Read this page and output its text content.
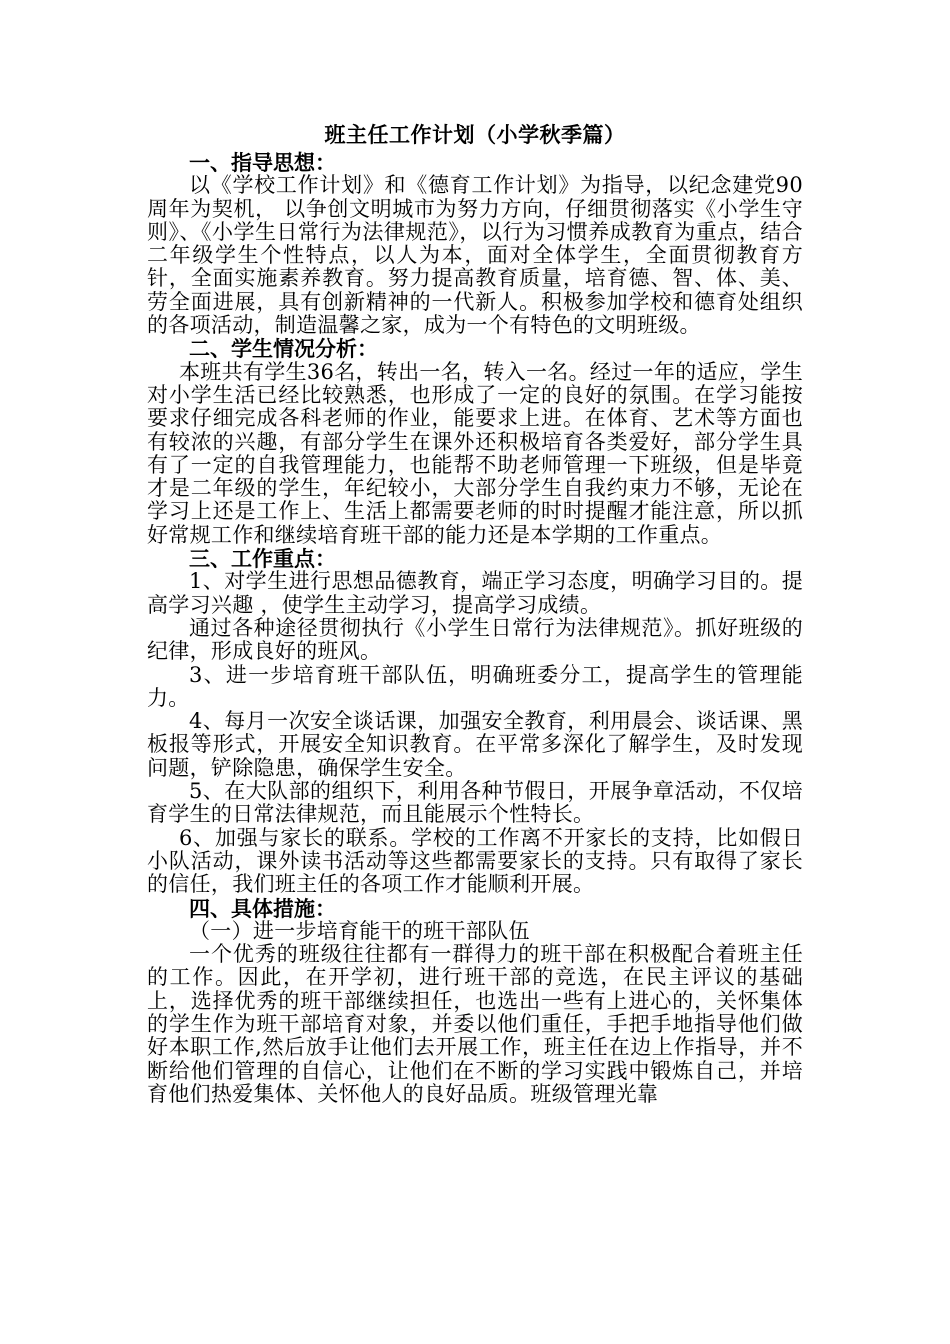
班主任工作计划（小学秋季篇）

一、指导思想：

以《学校工作计划》和《德育工作计划》为指导，以纪念建党90周年为契机， 以争创文明城市为努力方向，仔细贯彻落实《小学生守则》、《小学生日常行为法律规范》，以行为习惯养成教育为重点，结合二年级学生个性特点，以人为本，面对全体学生，全面贯彻教育方针，全面实施素养教育。努力提高教育质量，培育德、智、体、美、劳全面进展，具有创新精神的一代新人。积极参加学校和德育处组织的各项活动，制造温馨之家，成为一个有特色的文明班级。

二、学生情况分析：

本班共有学生36名，转出一名，转入一名。经过一年的适应，学生对小学生活已经比较熟悉，也形成了一定的良好的氛围。在学习能按要求仔细完成各科老师的作业，能要求上进。在体育、艺术等方面也有较浓的兴趣，有部分学生在课外还积极培育各类爱好，部分学生具有了一定的自我管理能力，也能帮不助老师管理一下班级，但是毕竟才是二年级的学生，年纪较小，大部分学生自我约束力不够，无论在学习上还是工作上、生活上都需要老师的时时提醒才能注意，所以抓好常规工作和继续培育班干部的能力还是本学期的工作重点。

三、工作重点：

1、对学生进行思想品德教育，端正学习态度，明确学习目的。提高学习兴趣 ，使学生主动学习，提高学习成绩。

通过各种途径贯彻执行《小学生日常行为法律规范》。抓好班级的纪律，形成良好的班风。

3、进一步培育班干部队伍，明确班委分工，提高学生的管理能力。

4、每月一次安全谈话课，加强安全教育，利用晨会、谈话课、黑板报等形式，开展安全知识教育。在平常多深化了解学生，及时发现问题，铲除隐患，确保学生安全。

5、在大队部的组织下，利用各种节假日，开展争章活动，不仅培育学生的日常法律规范，而且能展示个性特长。

6、加强与家长的联系。学校的工作离不开家长的支持，比如假日小队活动，课外读书活动等这些都需要家长的支持。只有取得了家长的信任，我们班主任的各项工作才能顺利开展。

四、具体措施：

（一）进一步培育能干的班干部队伍

一个优秀的班级往往都有一群得力的班干部在积极配合着班主任的工作。因此，在开学初，进行班干部的竞选，在民主评议的基础上，选择优秀的班干部继续担任，也选出一些有上进心的，关怀集体的学生作为班干部培育对象，并委以他们重任，手把手地指导他们做好本职工作,然后放手让他们去开展工作，班主任在边上作指导，并不断给他们管理的自信心，让他们在不断的学习实践中锻炼自己，并培育他们热爱集体、关怀他人的良好品质。班级管理光靠
